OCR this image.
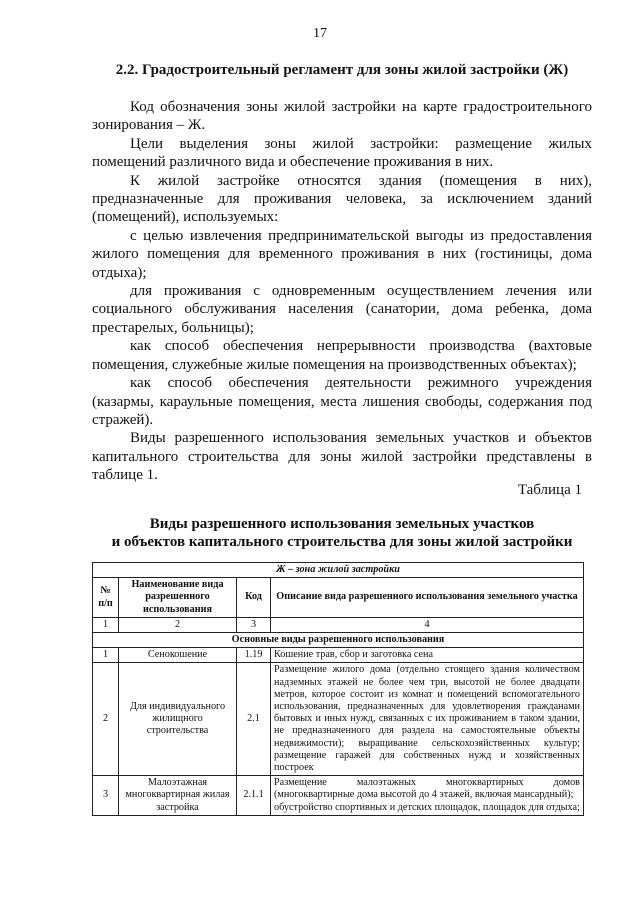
17
2.2. Градостроительный регламент для зоны жилой застройки (Ж)

Код обозначения зоны жилой застройки на карте градостроительного зонирования – Ж.

Цели выделения зоны жилой застройки: размещение жилых помещений различного вида и обеспечение проживания в них.

К жилой застройке относятся здания (помещения в них), предназначенные для проживания человека, за исключением зданий (помещений), используемых:

с целью извлечения предпринимательской выгоды из предоставления жилого помещения для временного проживания в них (гостиницы, дома отдыха);

для проживания с одновременным осуществлением лечения или социального обслуживания населения (санатории, дома ребенка, дома престарелых, больницы);

как способ обеспечения непрерывности производства (вахтовые помещения, служебные жилые помещения на производственных объектах);

как способ обеспечения деятельности режимного учреждения (казармы, караульные помещения, места лишения свободы, содержания под стражей).

Виды разрешенного использования земельных участков и объектов капитального строительства для зоны жилой застройки представлены в таблице 1.

Таблица 1
Виды разрешенного использования земельных участков
и объектов капитального строительства для зоны жилой застройки
Ж – зона жилой застройки			
№ п/п	Наименование вида разрешенного использования	Код	Описание вида разрешенного использования земельного участка
1	2	3	4
Основные виды разрешенного использования			
1	Сенокошение	1.19	Кошение трав, сбор и заготовка сена
2	Для индивидуального жилищного строительства	2.1	Размещение жилого дома (отдельно стоящего здания количеством надземных этажей не более чем три, высотой не более двадцати метров, которое состоит из комнат и помещений вспомогательного использования, предназначенных для удовлетворения гражданами бытовых и иных нужд, связанных с их проживанием в таком здании, не предназначенного для раздела на самостоятельные объекты недвижимости); выращивание сельскохозяйственных культур; размещение гаражей для собственных нужд и хозяйственных построек
3	Малоэтажная многоквартирная жилая застройка	2.1.1	Размещение малоэтажных многоквартирных домов (многоквартирные дома высотой до 4 этажей, включая мансардный);
обустройство спортивных и детских площадок, площадок для отдыха;
